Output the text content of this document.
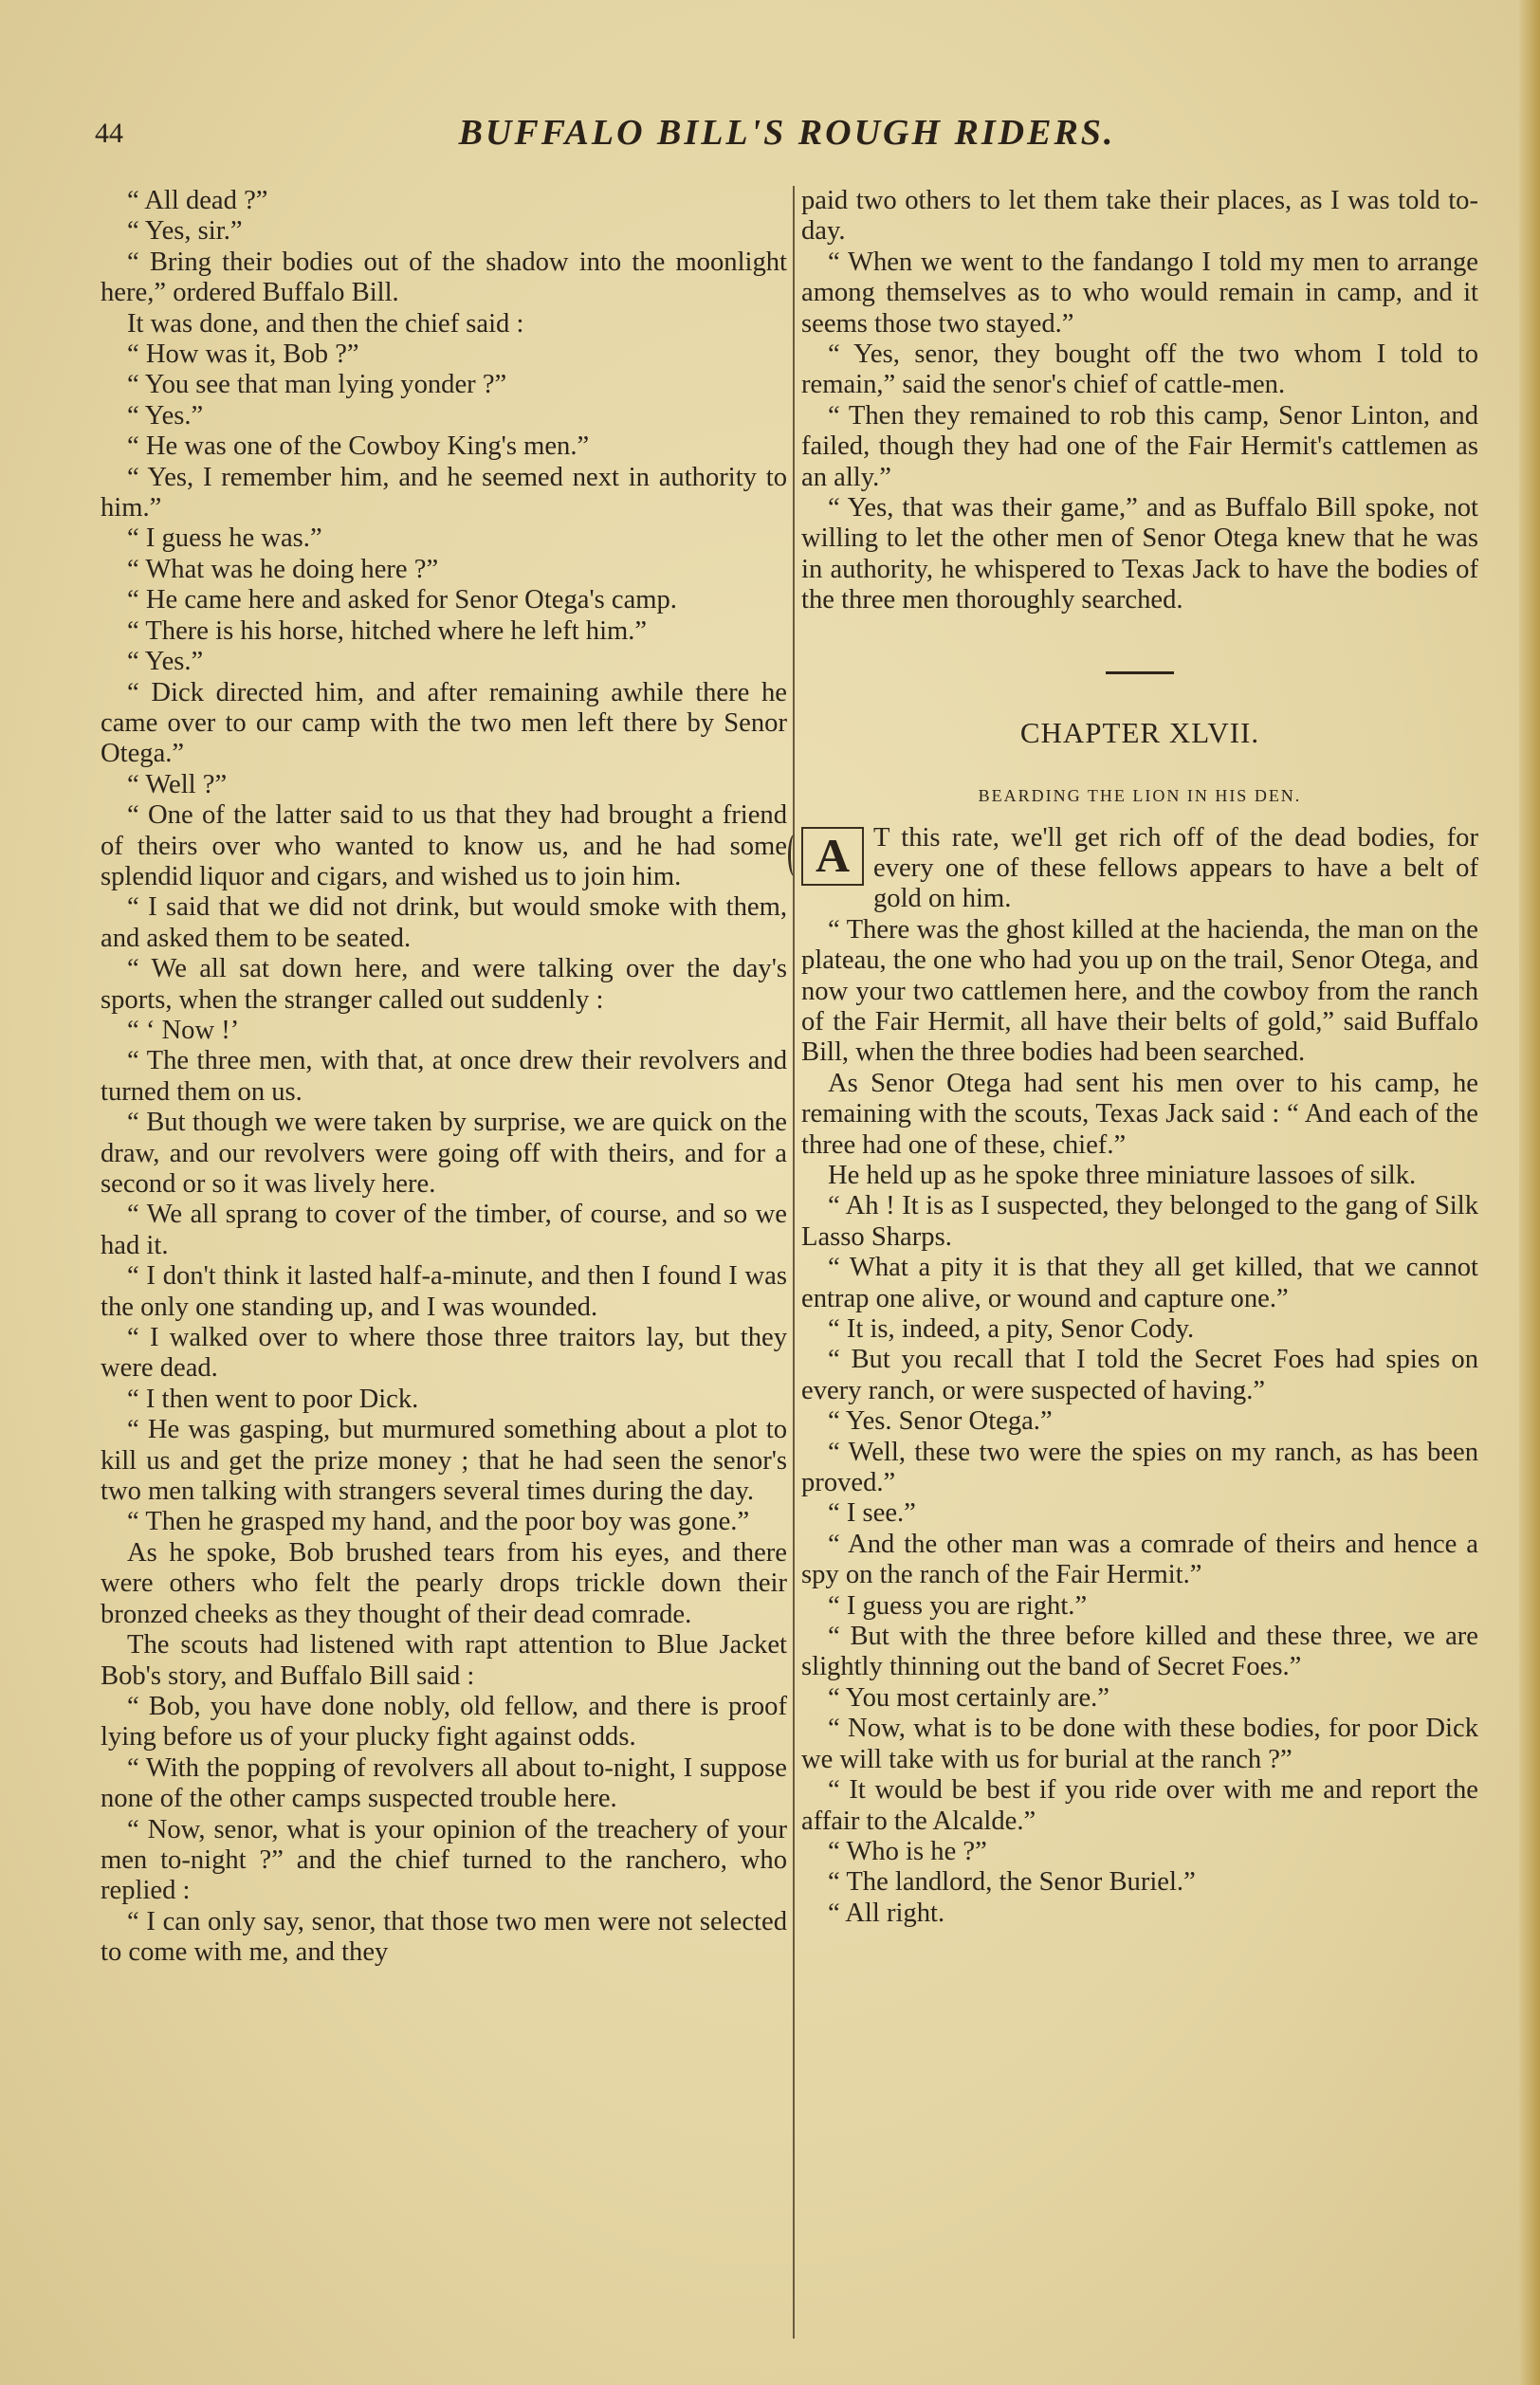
44	BUFFALO BILL'S ROUGH RIDERS.

“ All dead ?”

“ Yes, sir.”

“ Bring their bodies out of the shadow into the moonlight here,” ordered Buffalo Bill.

It was done, and then the chief said :

“ How was it, Bob ?”

“ You see that man lying yonder ?”

“ Yes.”

“ He was one of the Cowboy King's men.”

“ Yes, I remember him, and he seemed next in authority to him.”

“ I guess he was.”

“ What was he doing here ?”

“ He came here and asked for Senor Otega's camp.

“ There is his horse, hitched where he left him.”

“ Yes.”

“ Dick directed him, and after remaining awhile there he came over to our camp with the two men left there by Senor Otega.”

“ Well ?”

“ One of the latter said to us that they had brought a friend of theirs over who wanted to know us, and he had some splendid liquor and cigars, and wished us to join him.

“ I said that we did not drink, but would smoke with them, and asked them to be seated.

“ We all sat down here, and were talking over the day's sports, when the stranger called out suddenly :

“ ‘ Now !’

“ The three men, with that, at once drew their revolvers and turned them on us.

“ But though we were taken by surprise, we are quick on the draw, and our revolvers were going off with theirs, and for a second or so it was lively here.

“ We all sprang to cover of the timber, of course, and so we had it.

“ I don't think it lasted half-a-minute, and then I found I was the only one standing up, and I was wounded.

“ I walked over to where those three traitors lay, but they were dead.

“ I then went to poor Dick.

“ He was gasping, but murmured something about a plot to kill us and get the prize money ; that he had seen the senor's two men talking with strangers several times during the day.

“ Then he grasped my hand, and the poor boy was gone.”

As he spoke, Bob brushed tears from his eyes, and there were others who felt the pearly drops trickle down their bronzed cheeks as they thought of their dead comrade.

The scouts had listened with rapt attention to Blue Jacket Bob's story, and Buffalo Bill said :

“ Bob, you have done nobly, old fellow, and there is proof lying before us of your plucky fight against odds.

“ With the popping of revolvers all about to-night, I suppose none of the other camps suspected trouble here.

“ Now, senor, what is your opinion of the treachery of your men to-night ?” and the chief turned to the ranchero, who replied :

“ I can only say, senor, that those two men were not selected to come with me, and they

paid two others to let them take their places, as I was told to-day.

“ When we went to the fandango I told my men to arrange among themselves as to who would remain in camp, and it seems those two stayed.”

“ Yes, senor, they bought off the two whom I told to remain,” said the senor's chief of cattle-men.

“ Then they remained to rob this camp, Senor Linton, and failed, though they had one of the Fair Hermit's cattlemen as an ally.”

“ Yes, that was their game,” and as Buffalo Bill spoke, not willing to let the other men of Senor Otega knew that he was in authority, he whispered to Texas Jack to have the bodies of the three men thoroughly searched.

CHAPTER XLVII.
BEARDING THE LION IN HIS DEN.

A T this rate, we'll get rich off of the dead bodies, for every one of these fellows appears to have a belt of gold on him.

“ There was the ghost killed at the hacienda, the man on the plateau, the one who had you up on the trail, Senor Otega, and now your two cattlemen here, and the cowboy from the ranch of the Fair Hermit, all have their belts of gold,” said Buffalo Bill, when the three bodies had been searched.

As Senor Otega had sent his men over to his camp, he remaining with the scouts, Texas Jack said : “ And each of the three had one of these, chief.”

He held up as he spoke three miniature lassoes of silk.

“ Ah ! It is as I suspected, they belonged to the gang of Silk Lasso Sharps.

“ What a pity it is that they all get killed, that we cannot entrap one alive, or wound and capture one.”

“ It is, indeed, a pity, Senor Cody.

“ But you recall that I told the Secret Foes had spies on every ranch, or were suspected of having.”

“ Yes. Senor Otega.”

“ Well, these two were the spies on my ranch, as has been proved.”

“ I see.”

“ And the other man was a comrade of theirs and hence a spy on the ranch of the Fair Hermit.”

“ I guess you are right.”

“ But with the three before killed and these three, we are slightly thinning out the band of Secret Foes.”

“ You most certainly are.”

“ Now, what is to be done with these bodies, for poor Dick we will take with us for burial at the ranch ?”

“ It would be best if you ride over with me and report the affair to the Alcalde.”

“ Who is he ?”

“ The landlord, the Senor Buriel.”

“ All right.
